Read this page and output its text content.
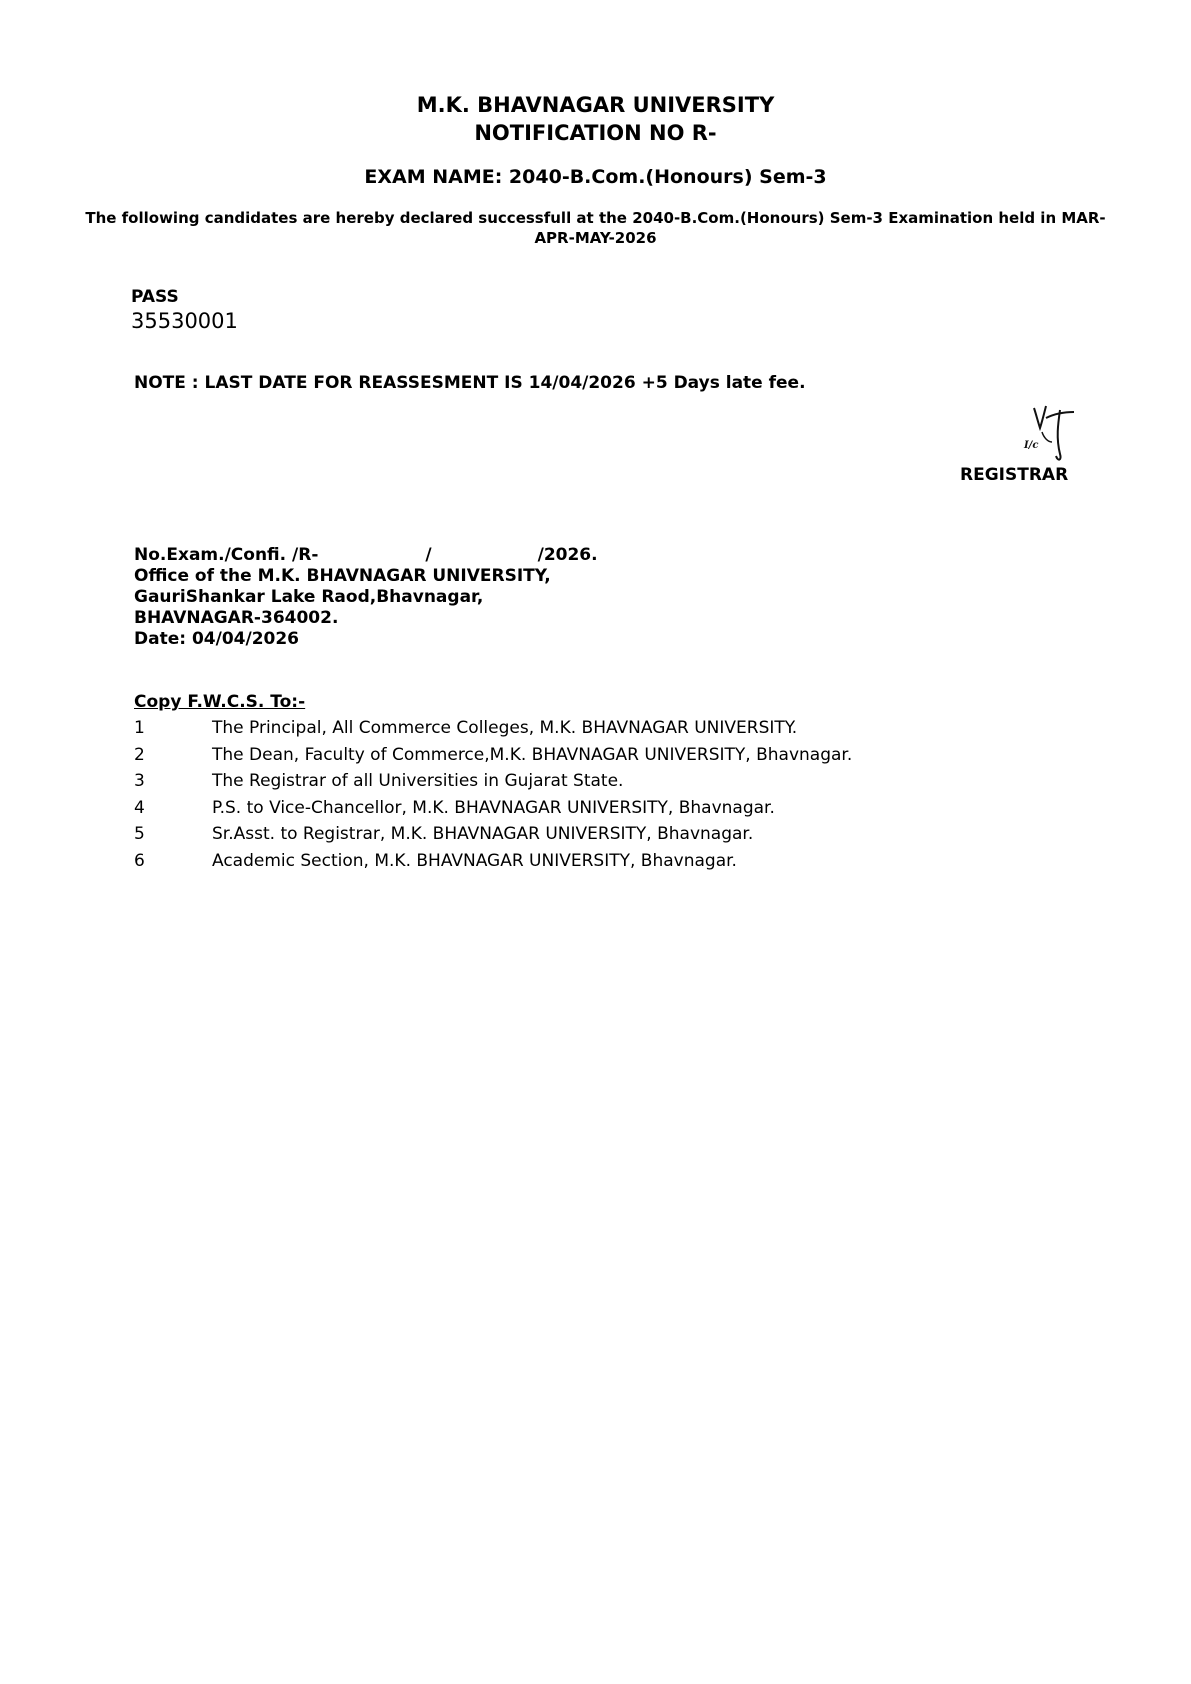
M.K. BHAVNAGAR UNIVERSITY
NOTIFICATION NO R-
EXAM NAME: 2040-B.Com.(Honours) Sem-3
The following candidates are hereby declared successfull at the 2040-B.Com.(Honours) Sem-3 Examination held in MAR-APR-MAY-2026
PASS
35530001
NOTE : LAST DATE FOR REASSESMENT IS 14/04/2026 +5 Days late fee.
I/c
REGISTRAR
No.Exam./Confi. /R-	/	/2026.
Office of the M.K. BHAVNAGAR UNIVERSITY,
GauriShankar Lake Raod,Bhavnagar,
BHAVNAGAR-364002.
Date: 04/04/2026
Copy F.W.C.S. To:-
1	The Principal, All Commerce Colleges, M.K. BHAVNAGAR UNIVERSITY.
2	The Dean, Faculty of Commerce,M.K. BHAVNAGAR UNIVERSITY, Bhavnagar.
3	The Registrar of all Universities in Gujarat State.
4	P.S. to Vice-Chancellor, M.K. BHAVNAGAR UNIVERSITY, Bhavnagar.
5	Sr.Asst. to Registrar, M.K. BHAVNAGAR UNIVERSITY, Bhavnagar.
6	Academic Section, M.K. BHAVNAGAR UNIVERSITY, Bhavnagar.
